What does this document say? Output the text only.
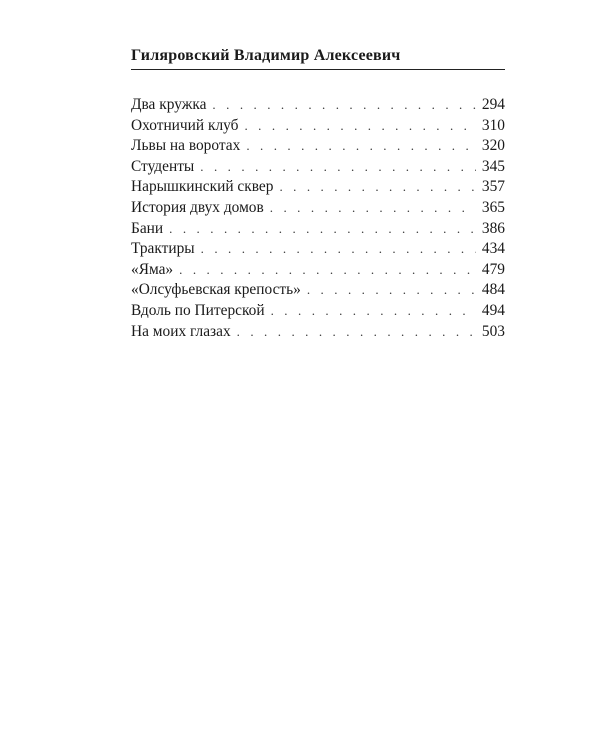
Гиляровский Владимир Алексеевич
Два кружка . . .	294
Охотничий клуб . . .	310
Львы на воротах . . .	320
Студенты . . .	345
Нарышкинский сквер . . .	357
История двух домов . . .	365
Бани . . .	386
Трактиры . . .	434
«Яма» . . .	479
«Олсуфьевская крепость» . . .	484
Вдоль по Питерской . . .	494
На моих глазах . . .	503
